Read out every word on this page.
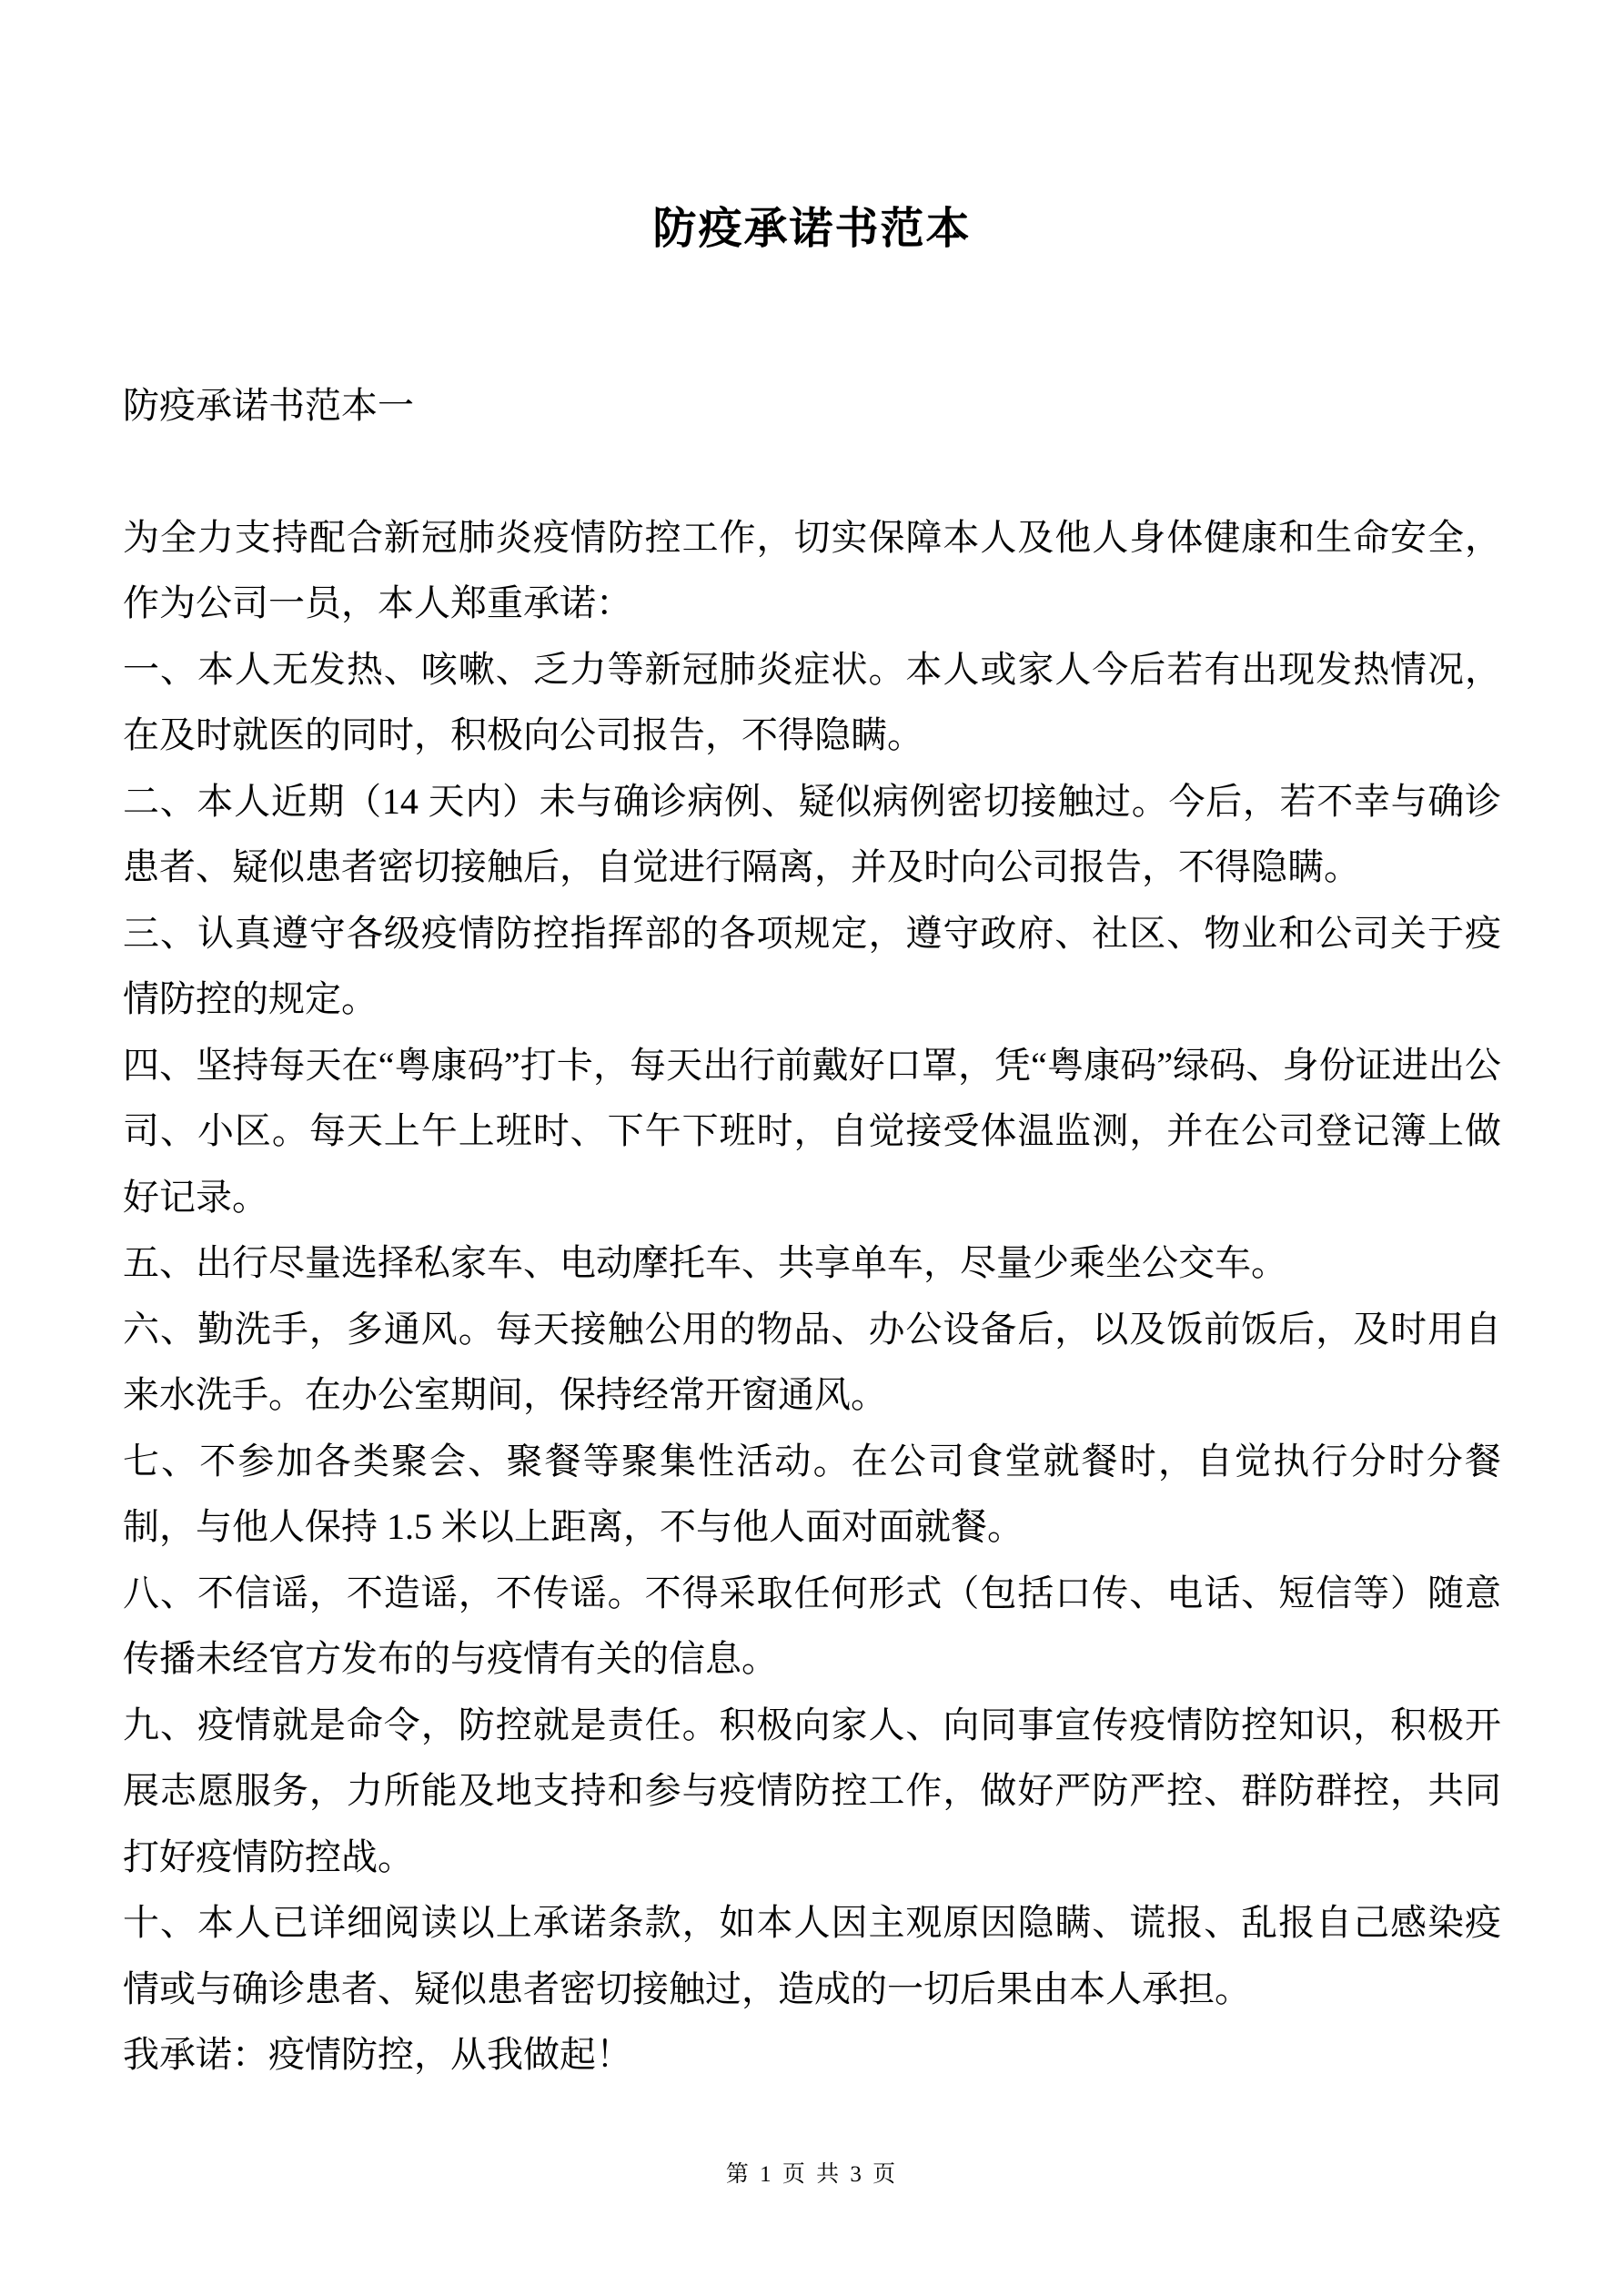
防疫承诺书范本
防疫承诺书范本一

为全力支持配合新冠肺炎疫情防控工作，切实保障本人及他人身体健康和生命安全，作为公司一员，本人郑重承诺：

一、本人无发热、咳嗽、乏力等新冠肺炎症状。本人或家人今后若有出现发热情况，在及时就医的同时，积极向公司报告，不得隐瞒。

二、本人近期（14 天内）未与确诊病例、疑似病例密切接触过。今后，若不幸与确诊患者、疑似患者密切接触后，自觉进行隔离，并及时向公司报告，不得隐瞒。

三、认真遵守各级疫情防控指挥部的各项规定，遵守政府、社区、物业和公司关于疫情防控的规定。

四、坚持每天在“粤康码”打卡，每天出行前戴好口罩，凭“粤康码”绿码、身份证进出公司、小区。每天上午上班时、下午下班时，自觉接受体温监测，并在公司登记簿上做好记录。

五、出行尽量选择私家车、电动摩托车、共享单车，尽量少乘坐公交车。

六、勤洗手，多通风。每天接触公用的物品、办公设备后，以及饭前饭后，及时用自来水洗手。在办公室期间，保持经常开窗通风。

七、不参加各类聚会、聚餐等聚集性活动。在公司食堂就餐时，自觉执行分时分餐制，与他人保持 1.5 米以上距离，不与他人面对面就餐。

八、不信谣，不造谣，不传谣。不得采取任何形式（包括口传、电话、短信等）随意传播未经官方发布的与疫情有关的信息。

九、疫情就是命令，防控就是责任。积极向家人、向同事宣传疫情防控知识，积极开展志愿服务，力所能及地支持和参与疫情防控工作，做好严防严控、群防群控，共同打好疫情防控战。

十、本人已详细阅读以上承诺条款，如本人因主观原因隐瞒、谎报、乱报自己感染疫情或与确诊患者、疑似患者密切接触过，造成的一切后果由本人承担。

我承诺：疫情防控，从我做起！

第 1 页 共 3 页
